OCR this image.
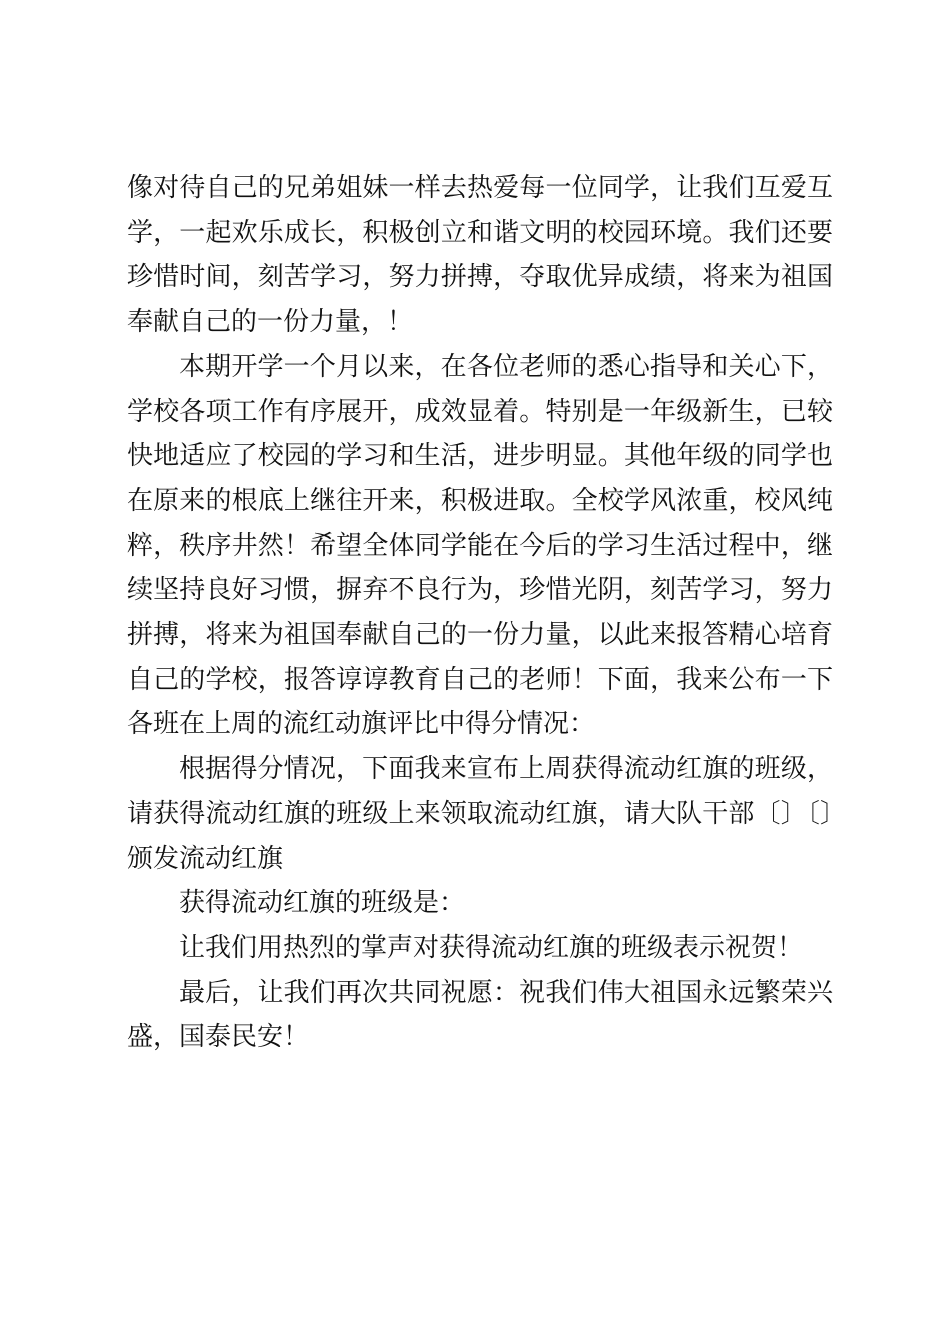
像对待自己的兄弟姐妹一样去热爱每一位同学，让我们互爱互学，一起欢乐成长，积极创立和谐文明的校园环境。我们还要珍惜时间，刻苦学习，努力拼搏，夺取优异成绩，将来为祖国奉献自己的一份力量，！

本期开学一个月以来，在各位老师的悉心指导和关心下，学校各项工作有序展开，成效显着。特别是一年级新生，已较快地适应了校园的学习和生活，进步明显。其他年级的同学也在原来的根底上继往开来，积极进取。全校学风浓重，校风纯粹，秩序井然！希望全体同学能在今后的学习生活过程中，继续坚持良好习惯，摒弃不良行为，珍惜光阴，刻苦学习，努力拼搏，将来为祖国奉献自己的一份力量，以此来报答精心培育自己的学校，报答谆谆教育自己的老师！下面，我来公布一下各班在上周的流红动旗评比中得分情况：

根据得分情况，下面我来宣布上周获得流动红旗的班级，请获得流动红旗的班级上来领取流动红旗，请大队干部〔〕〔〕颁发流动红旗

获得流动红旗的班级是：

让我们用热烈的掌声对获得流动红旗的班级表示祝贺！

最后，让我们再次共同祝愿：祝我们伟大祖国永远繁荣兴盛，国泰民安！
